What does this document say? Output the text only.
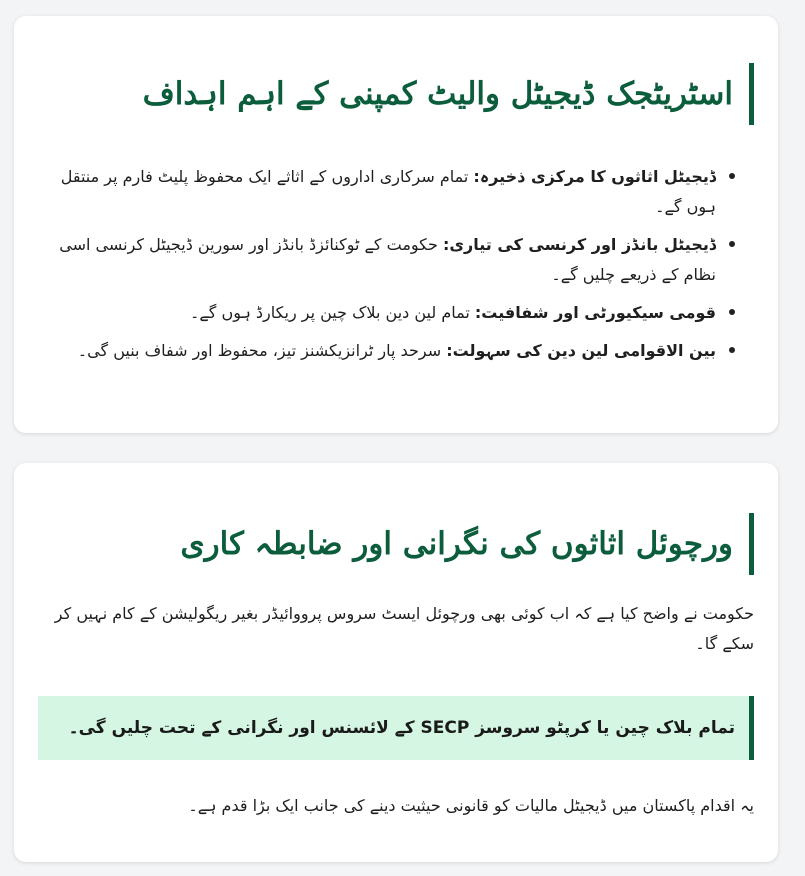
اسٹریٹجک ڈیجیٹل والیٹ کمپنی کے اہم اہداف
• ڈیجیٹل اثاثوں کا مرکزی ذخیرہ: تمام سرکاری اداروں کے اثاثے ایک محفوظ پلیٹ فارم پر منتقل ہوں گے۔
• ڈیجیٹل بانڈز اور کرنسی کی تیاری: حکومت کے ٹوکنائزڈ بانڈز اور سورین ڈیجیٹل کرنسی اسی نظام کے ذریعے چلیں گے۔
• قومی سیکیورٹی اور شفافیت: تمام لین دین بلاک چین پر ریکارڈ ہوں گے۔
• بین الاقوامی لین دین کی سہولت: سرحد پار ٹرانزیکشنز تیز، محفوظ اور شفاف بنیں گی۔
ورچوئل اثاثوں کی نگرانی اور ضابطہ کاری

حکومت نے واضح کیا ہے کہ اب کوئی بھی ورچوئل ایسٹ سروس پرووائیڈر بغیر ریگولیشن کے کام نہیں کر سکے گا۔

تمام بلاک چین یا کرپٹو سروسز SECP کے لائسنس اور نگرانی کے تحت چلیں گی۔

یہ اقدام پاکستان میں ڈیجیٹل مالیات کو قانونی حیثیت دینے کی جانب ایک بڑا قدم ہے۔
